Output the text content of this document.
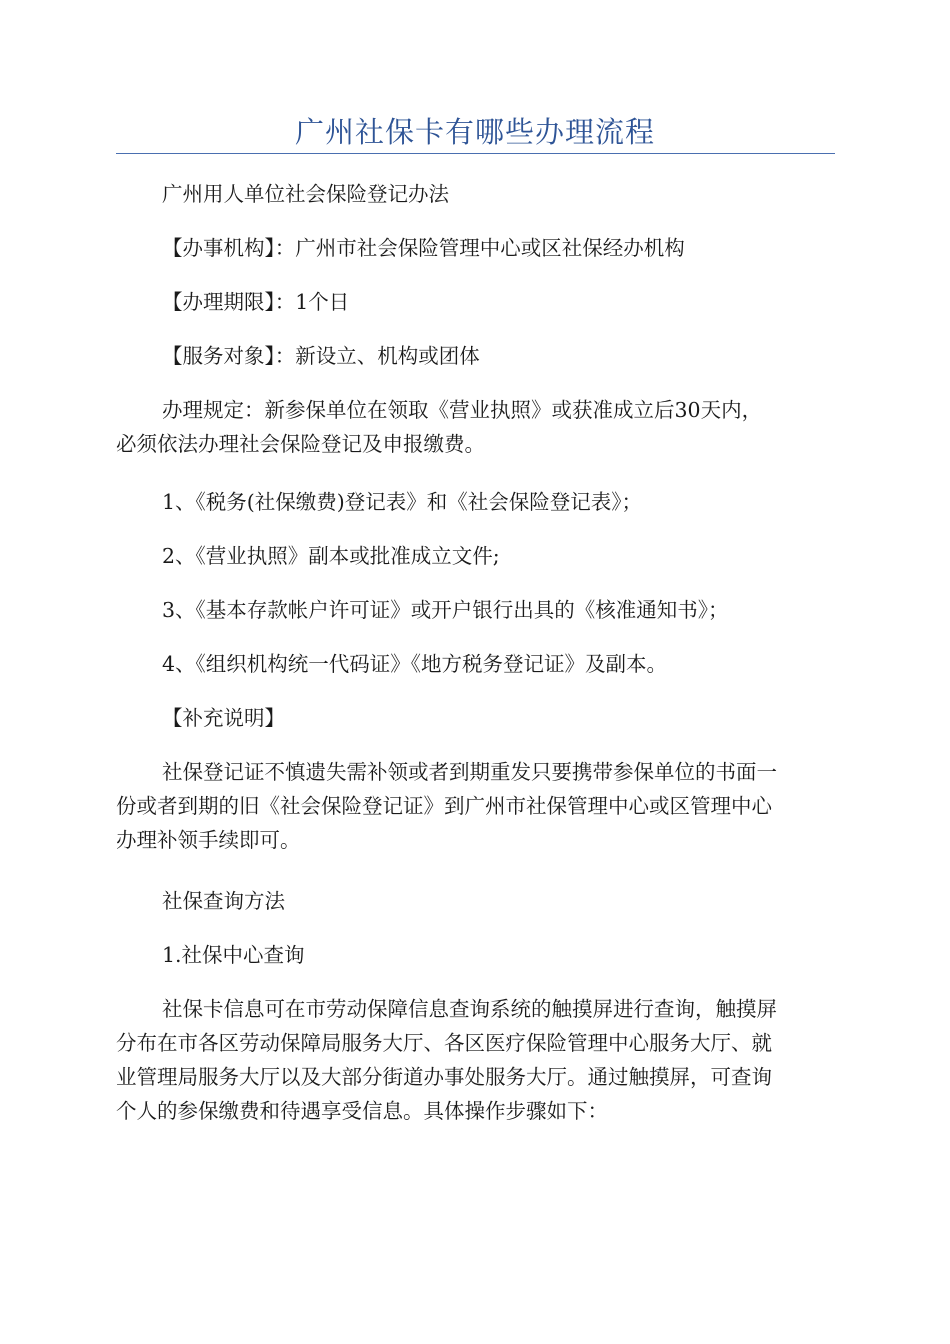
广州社保卡有哪些办理流程

广州用人单位社会保险登记办法

【办事机构】：广州市社会保险管理中心或区社保经办机构

【办理期限】：1个日

【服务对象】：新设立、机构或团体

办理规定：新参保单位在领取《营业执照》或获准成立后30天内，
必须依法办理社会保险登记及申报缴费。

1、《税务(社保缴费)登记表》和《社会保险登记表》；

2、《营业执照》副本或批准成立文件;

3、《基本存款帐户许可证》或开户银行出具的《核准通知书》；

4、《组织机构统一代码证》《地方税务登记证》及副本。

【补充说明】

社保登记证不慎遗失需补领或者到期重发只要携带参保单位的书面一
份或者到期的旧《社会保险登记证》到广州市社保管理中心或区管理中心
办理补领手续即可。

社保查询方法

1.社保中心查询

社保卡信息可在市劳动保障信息查询系统的触摸屏进行查询，触摸屏
分布在市各区劳动保障局服务大厅、各区医疗保险管理中心服务大厅、就
业管理局服务大厅以及大部分街道办事处服务大厅。通过触摸屏，可查询
个人的参保缴费和待遇享受信息。具体操作步骤如下：
